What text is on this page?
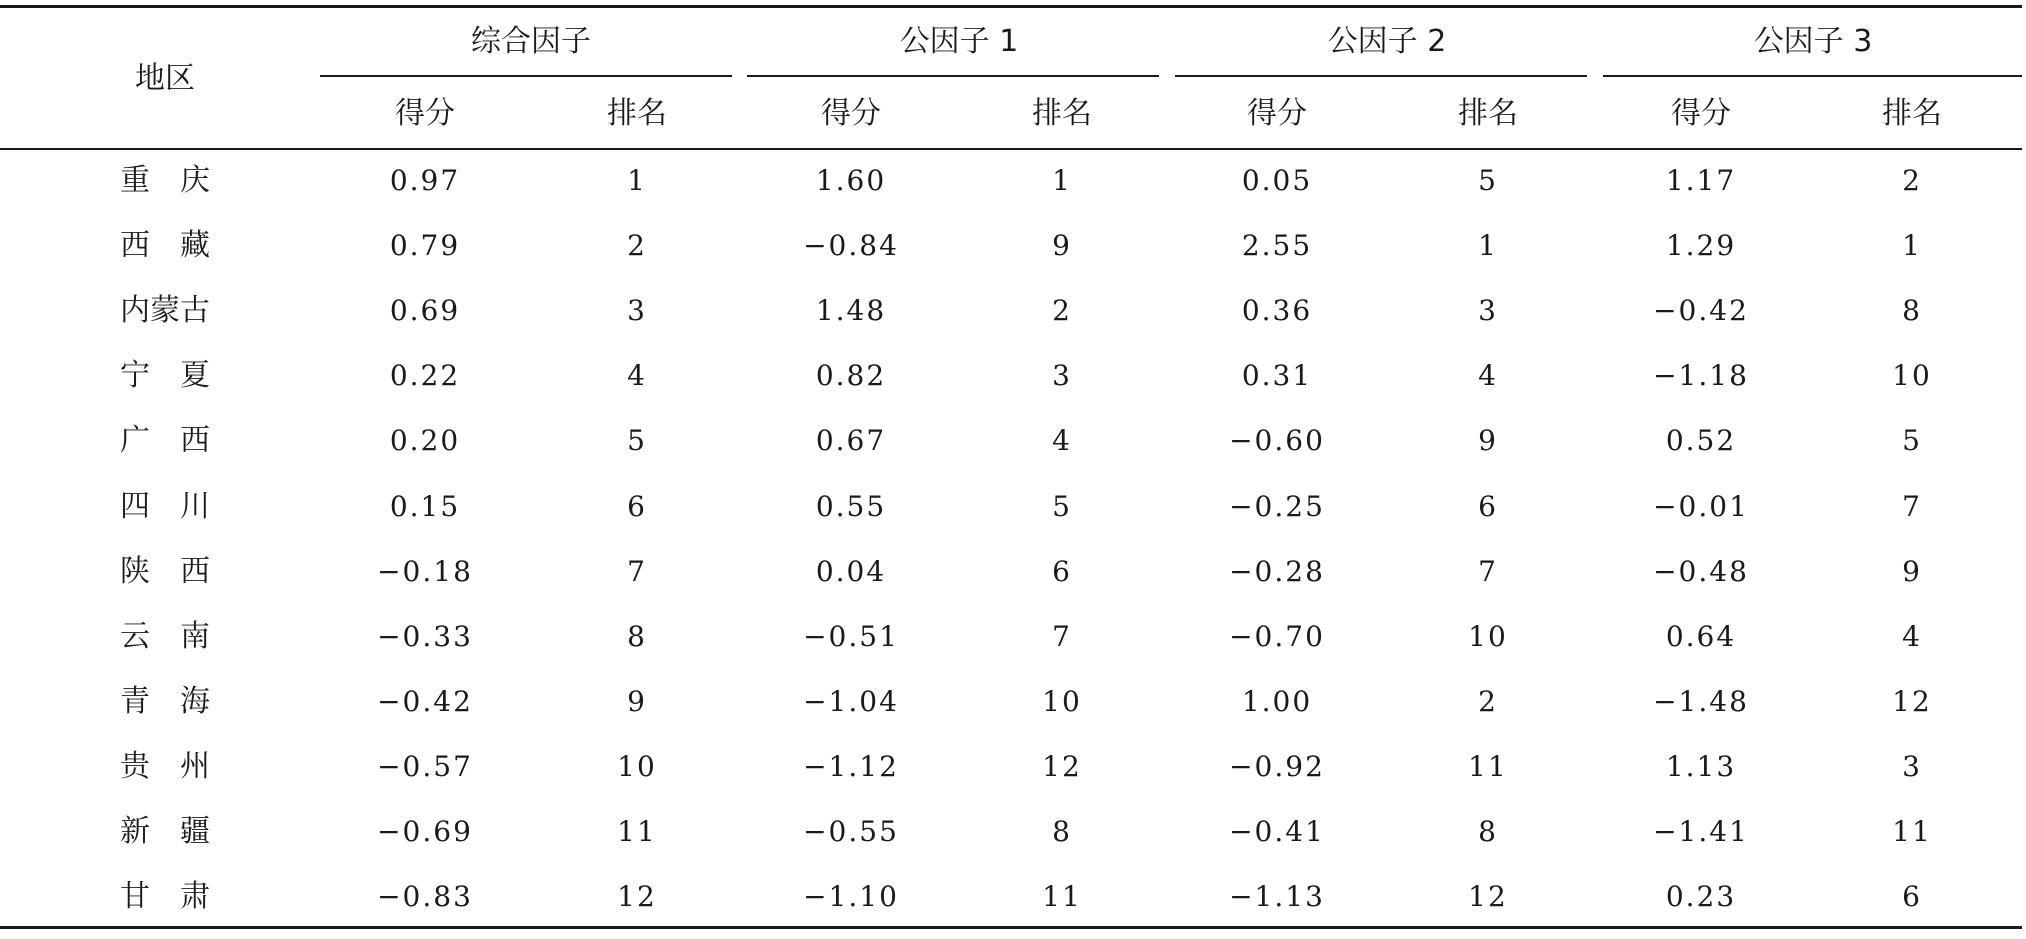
地区
综合因子	公因子 1	公因子 2	公因子 3
得分	排名	得分	排名	得分	排名	得分	排名
重　庆	0.97	1	1.60	1	0.05	5	1.17	2
西　藏	0.79	2	−0.84	9	2.55	1	1.29	1
内蒙古	0.69	3	1.48	2	0.36	3	−0.42	8
宁　夏	0.22	4	0.82	3	0.31	4	−1.18	10
广　西	0.20	5	0.67	4	−0.60	9	0.52	5
四　川	0.15	6	0.55	5	−0.25	6	−0.01	7
陕　西	−0.18	7	0.04	6	−0.28	7	−0.48	9
云　南	−0.33	8	−0.51	7	−0.70	10	0.64	4
青　海	−0.42	9	−1.04	10	1.00	2	−1.48	12
贵　州	−0.57	10	−1.12	12	−0.92	11	1.13	3
新　疆	−0.69	11	−0.55	8	−0.41	8	−1.41	11
甘　肃	−0.83	12	−1.10	11	−1.13	12	0.23	6
